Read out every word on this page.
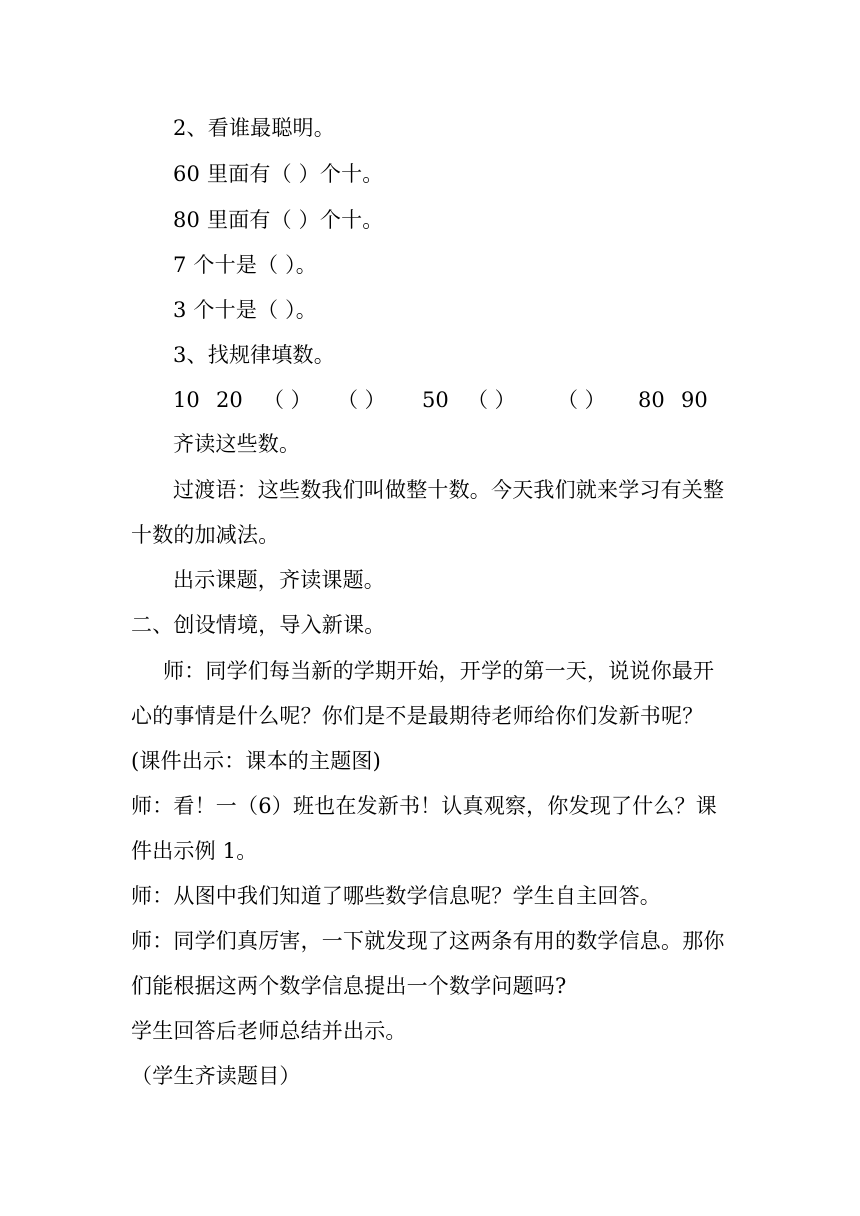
2、看谁最聪明。
60 里面有（ ）个十。
80 里面有（ ）个十。
7 个十是（ ）。
3 个十是（ ）。
3、找规律填数。
10 20 （ ） （ ） 50 （ ） （ ） 80 90
齐读这些数。
过渡语：这些数我们叫做整十数。今天我们就来学习有关整
十数的加减法。
出示课题，齐读课题。
二、创设情境，导入新课。
师：同学们每当新的学期开始，开学的第一天，说说你最开
心的事情是什么呢？你们是不是最期待老师给你们发新书呢？
(课件出示：课本的主题图)
师：看！一（6）班也在发新书！认真观察，你发现了什么？课
件出示例 1。
师：从图中我们知道了哪些数学信息呢？学生自主回答。
师：同学们真厉害，一下就发现了这两条有用的数学信息。那你
们能根据这两个数学信息提出一个数学问题吗?
学生回答后老师总结并出示。
（学生齐读题目）
